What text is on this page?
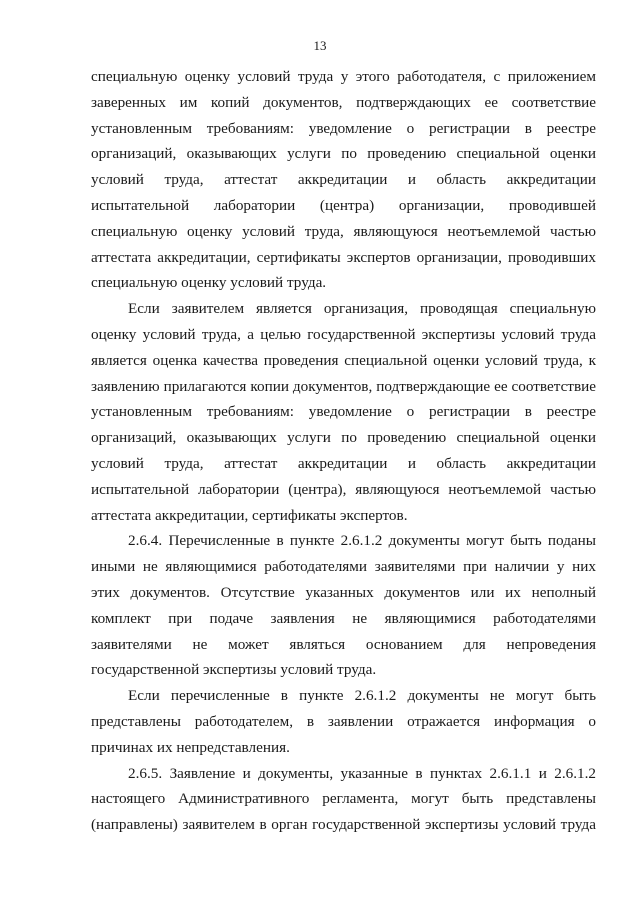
13

специальную оценку условий труда у этого работодателя, с приложением заверенных им копий документов, подтверждающих ее соответствие установленным требованиям: уведомление о регистрации в реестре организаций, оказывающих услуги по проведению специальной оценки условий труда, аттестат аккредитации и область аккредитации испытательной лаборатории (центра) организации, проводившей специальную оценку условий труда, являющуюся неотъемлемой частью аттестата аккредитации, сертификаты экспертов организации, проводивших специальную оценку условий труда.

Если заявителем является организация, проводящая специальную оценку условий труда, а целью государственной экспертизы условий труда является оценка качества проведения специальной оценки условий труда, к заявлению прилагаются копии документов, подтверждающие ее соответствие установленным требованиям: уведомление о регистрации в реестре организаций, оказывающих услуги по проведению специальной оценки условий труда, аттестат аккредитации и область аккредитации испытательной лаборатории (центра), являющуюся неотъемлемой частью аттестата аккредитации, сертификаты экспертов.

2.6.4. Перечисленные в пункте 2.6.1.2 документы могут быть поданы иными не являющимися работодателями заявителями при наличии у них этих документов. Отсутствие указанных документов или их неполный комплект при подаче заявления не являющимися работодателями заявителями не может являться основанием для непроведения государственной экспертизы условий труда.

Если перечисленные в пункте 2.6.1.2 документы не могут быть представлены работодателем, в заявлении отражается информация о причинах их непредставления.

2.6.5. Заявление и документы, указанные в пунктах 2.6.1.1 и 2.6.1.2 настоящего Административного регламента, могут быть представлены (направлены) заявителем в орган государственной экспертизы условий труда
